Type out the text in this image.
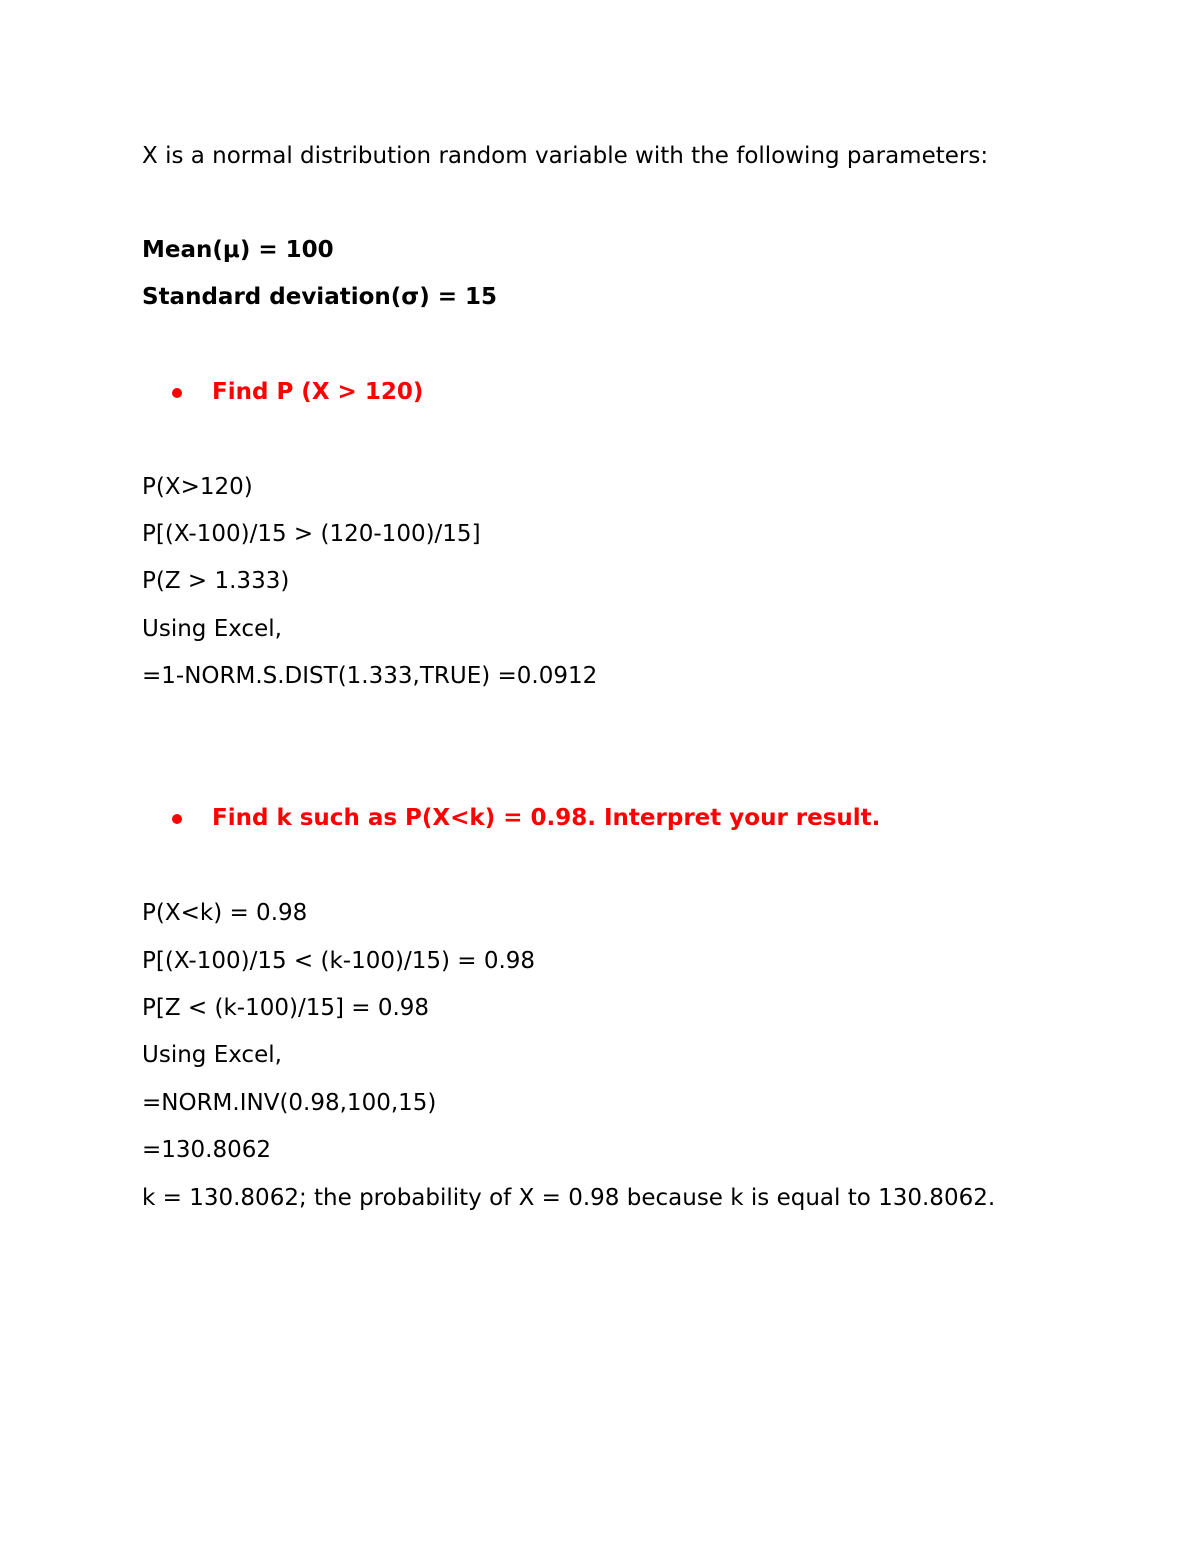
X is a normal distribution random variable with the following parameters:
Mean(μ) = 100
Standard deviation(σ) = 15
Find P (X > 120)
P(X>120)
P[(X-100)/15 > (120-100)/15]
P(Z > 1.333)
Using Excel,
=1-NORM.S.DIST(1.333,TRUE) =0.0912
Find k such as P(X<k) = 0.98. Interpret your result.
P(X<k) = 0.98
P[(X-100)/15 < (k-100)/15) = 0.98
P[Z < (k-100)/15] = 0.98
Using Excel,
=NORM.INV(0.98,100,15)
=130.8062
k = 130.8062; the probability of X = 0.98 because k is equal to 130.8062.
